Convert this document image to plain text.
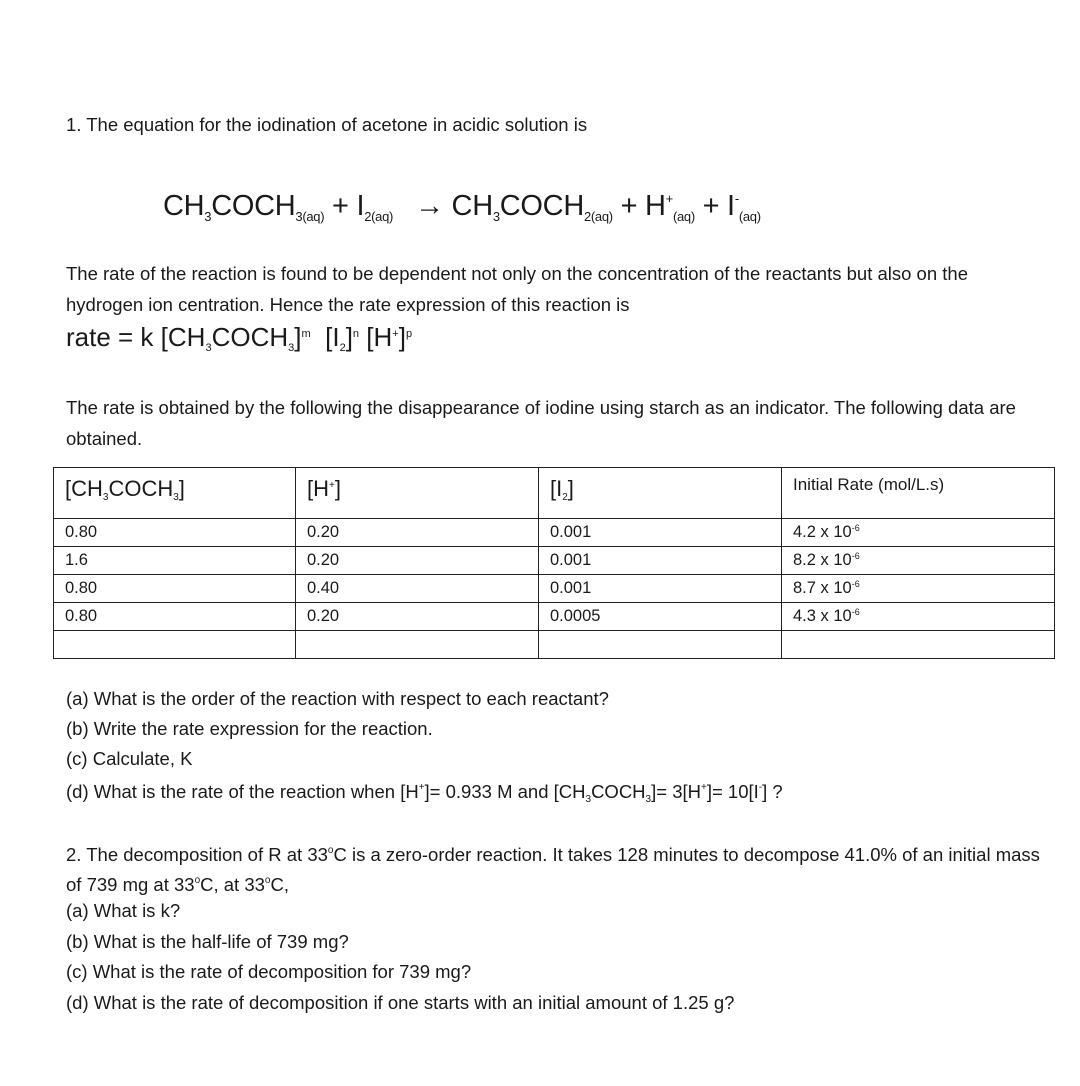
1. The equation for the iodination of acetone in acidic solution is
$CH_3COCH_{3(aq)} + I_{2(aq)}$ → $CH_3COCH_{2(aq)} + H^+_{(aq)} + I^-_{(aq)}$
The rate of the reaction is found to be dependent not only on the concentration of the reactants but also on the hydrogen ion centration. Hence the rate expression of this reaction is
rate = k $[CH_3COCH_3]^m$ $[I_2]^n$ $[H^+]^p$
The rate is obtained by the following the disappearance of iodine using starch as an indicator. The following data are obtained.
$[CH_3COCH_3]$	[H+]	$[I_2]$	Initial Rate (mol/L.s)
0.80	0.20	0.001	4.2 x $10^{-6}$
1.6	0.20	0.001	8.2 x $10^{-6}$
0.80	0.40	0.001	8.7 x $10^{-6}$
0.80	0.20	0.0005	4.3 x $10^{-6}$

(a) What is the order of the reaction with respect to each reactant?
(b) Write the rate expression for the reaction.
(c) Calculate, K
(d) What is the rate of the reaction when [H+]= 0.933 M and $[CH_3COCH_3]= 3[H^+]= 10[I^-]$ ?
2. The decomposition of R at 33$^o$C is a zero-order reaction. It takes 128 minutes to decompose 41.0% of an initial mass of 739 mg at 33$^o$C, at 33$^o$C,
(a) What is k?
(b) What is the half-life of 739 mg?
(c) What is the rate of decomposition for 739 mg?
(d) What is the rate of decomposition if one starts with an initial amount of 1.25 g?
